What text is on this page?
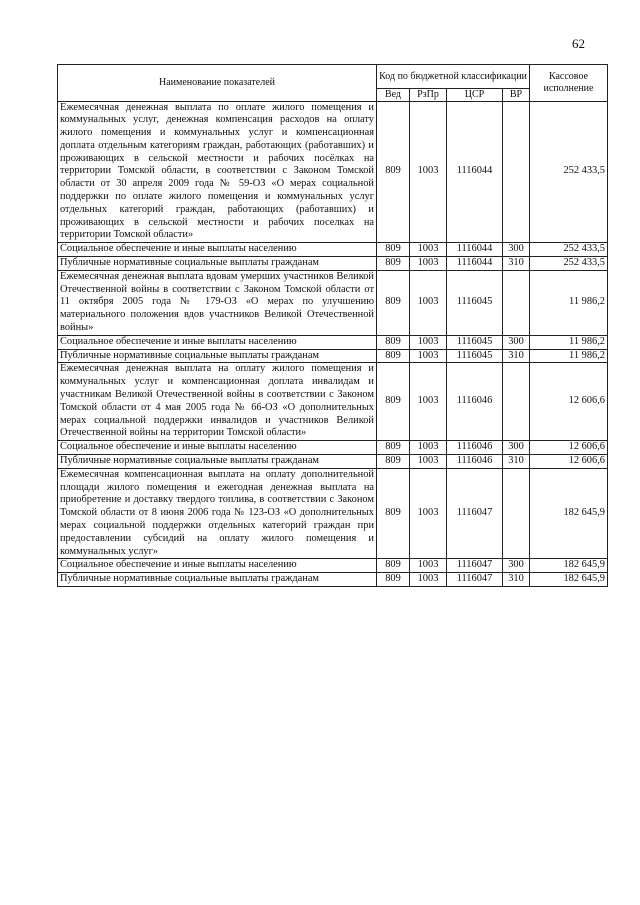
62
Наименование показателей	Код по бюджетной классификации				Кассовое исполнение
	Вед	РзПр	ЦСР	ВР	
Ежемесячная денежная выплата по оплате жилого помещения и коммунальных услуг, денежная компенсация расходов на оплату жилого помещения и коммунальных услуг и компенсационная доплата отдельным категориям граждан, работающих (работавших) и проживающих в сельской местности и рабочих посёлках на территории Томской области, в соответствии с Законом Томской области от 30 апреля 2009 года № 59-ОЗ «О мерах социальной поддержки по оплате жилого помещения и коммунальных услуг отдельных категорий граждан, работающих (работавших) и проживающих в сельской местности и рабочих поселках на территории Томской области»	809	1003	1116044		252 433,5
Социальное обеспечение и иные выплаты населению	809	1003	1116044	300	252 433,5
Публичные нормативные социальные выплаты гражданам	809	1003	1116044	310	252 433,5
Ежемесячная денежная выплата вдовам умерших участников Великой Отечественной войны в соответствии с Законом Томской области от 11 октября 2005 года № 179-ОЗ «О мерах по улучшению материального положения вдов участников Великой Отечественной войны»	809	1003	1116045		11 986,2
Социальное обеспечение и иные выплаты населению	809	1003	1116045	300	11 986,2
Публичные нормативные социальные выплаты гражданам	809	1003	1116045	310	11 986,2
Ежемесячная денежная выплата на оплату жилого помещения и коммунальных услуг и компенсационная доплата инвалидам и участникам Великой Отечественной войны в соответствии с Законом Томской области от 4 мая 2005 года № 66-ОЗ «О дополнительных мерах социальной поддержки инвалидов и участников Великой Отечественной войны на территории Томской области»	809	1003	1116046		12 606,6
Социальное обеспечение и иные выплаты населению	809	1003	1116046	300	12 606,6
Публичные нормативные социальные выплаты гражданам	809	1003	1116046	310	12 606,6
Ежемесячная компенсационная выплата на оплату дополнительной площади жилого помещения и ежегодная денежная выплата на приобретение и доставку твердого топлива, в соответствии с Законом Томской области от 8 июня 2006 года № 123-ОЗ «О дополнительных мерах социальной поддержки отдельных категорий граждан при предоставлении субсидий на оплату жилого помещения и коммунальных услуг»	809	1003	1116047		182 645,9
Социальное обеспечение и иные выплаты населению	809	1003	1116047	300	182 645,9
Публичные нормативные социальные выплаты гражданам	809	1003	1116047	310	182 645,9
